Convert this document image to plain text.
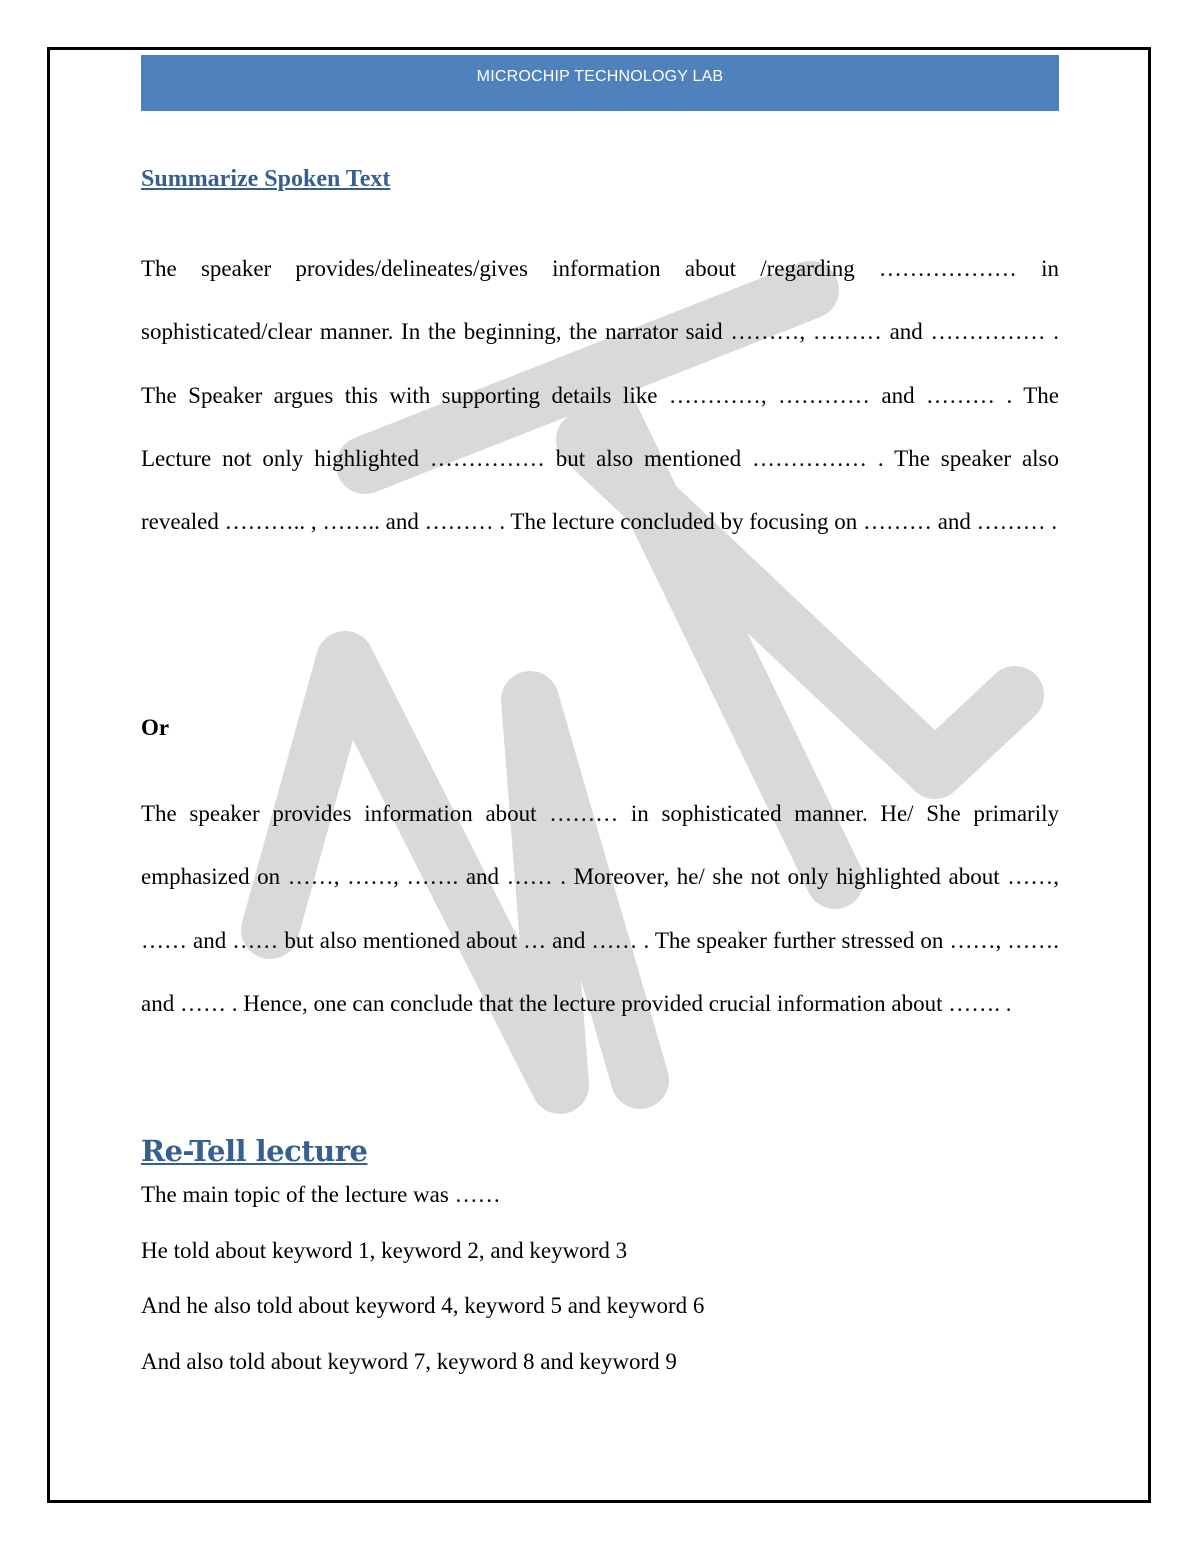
MICROCHIP TECHNOLOGY LAB
Summarize Spoken Text
The speaker provides/delineates/gives information about /regarding ……………… in sophisticated/clear manner. In the beginning, the narrator said ………, ……… and …………… . The Speaker argues this with supporting details like …………, ………… and ……… . The Lecture not only highlighted …………… but also mentioned …………… . The speaker also revealed ……….. , …….. and ……… . The lecture concluded by focusing on ……… and ……… .
Or
The speaker provides information about ……… in sophisticated manner. He/ She primarily emphasized on ……, ……, ……. and …… . Moreover, he/ she not only highlighted about ……, …… and …… but also mentioned about … and …… . The speaker further stressed on ……, ……. and …… . Hence, one can conclude that the lecture provided crucial information about ……. .
Re-Tell lecture
The main topic of the lecture was ……
He told about keyword 1, keyword 2, and keyword 3
And he also told about keyword 4, keyword 5 and keyword 6
And also told about keyword 7, keyword 8 and keyword 9
